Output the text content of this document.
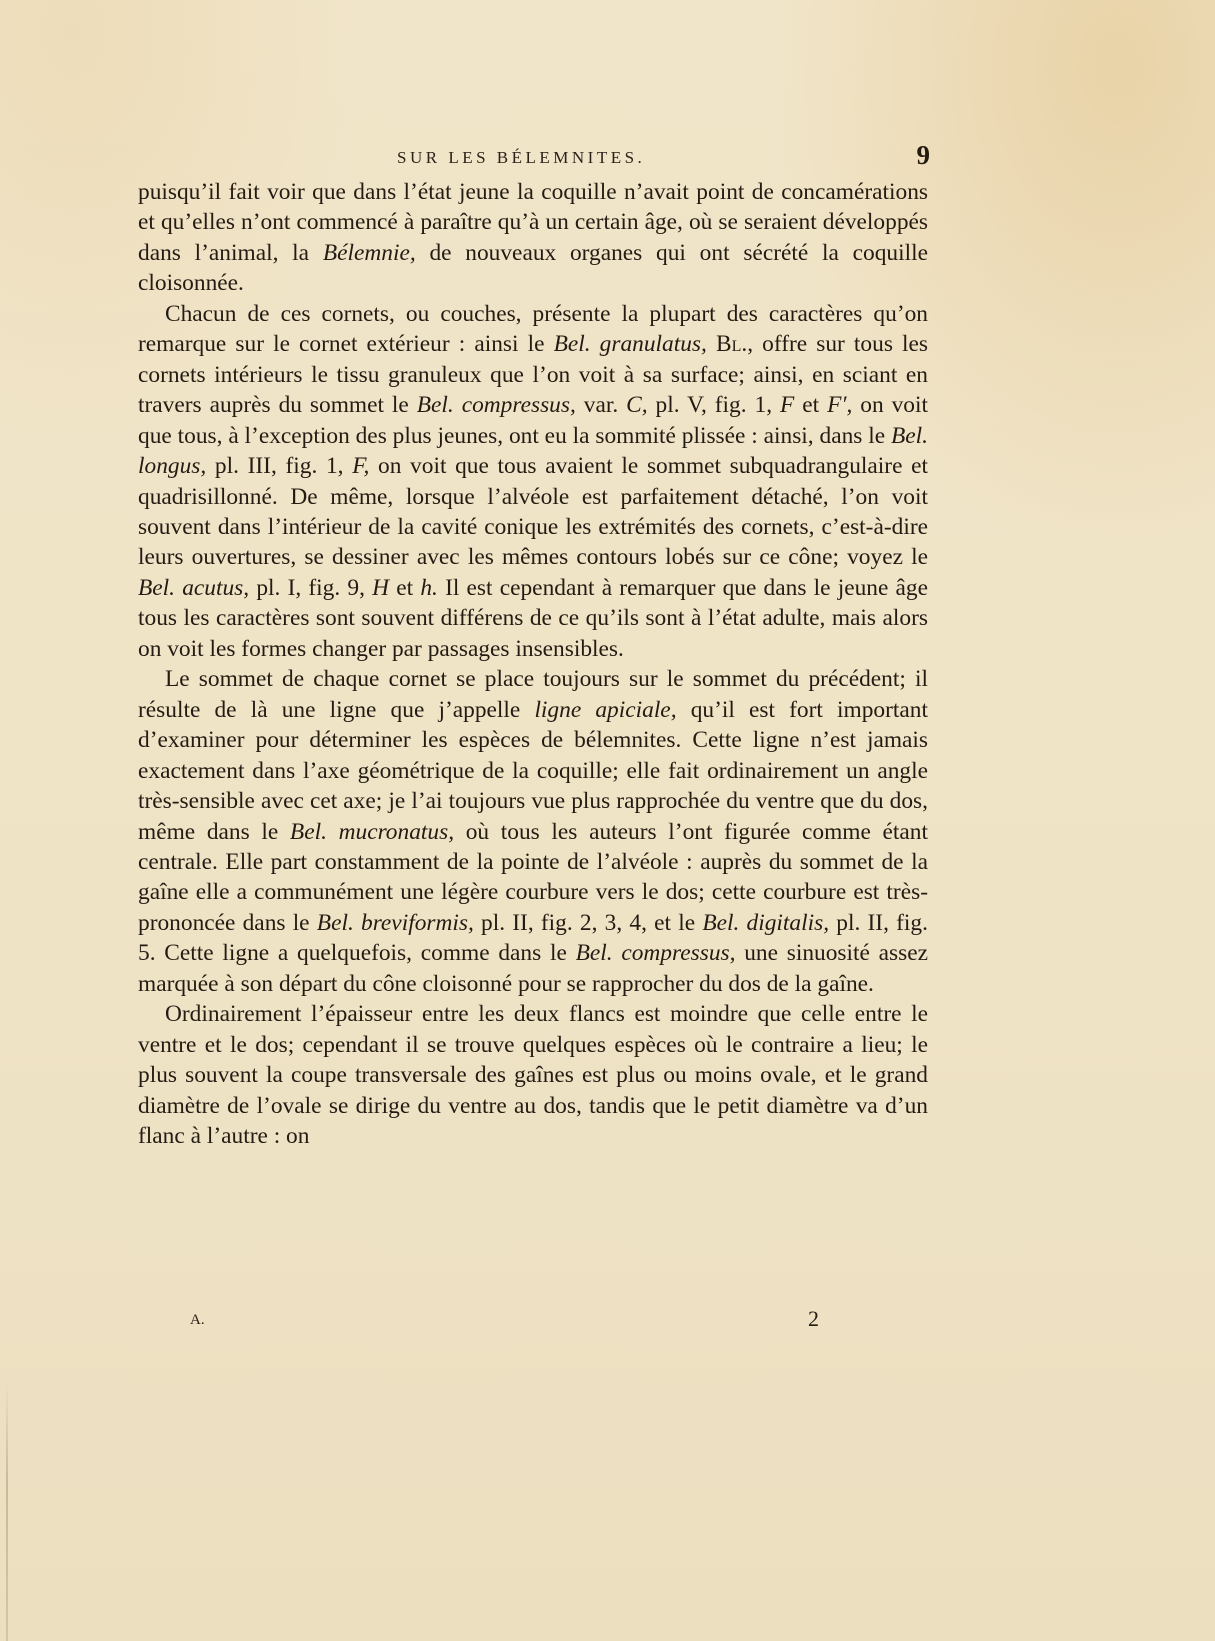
SUR LES BÉLEMNITES.	9

puisqu’il fait voir que dans l’état jeune la coquille n’avait point de concamérations et qu’elles n’ont commencé à paraître qu’à un certain âge, où se seraient développés dans l’animal, la Bélemnie, de nouveaux organes qui ont sécrété la coquille cloisonnée.

Chacun de ces cornets, ou couches, présente la plupart des caractères qu’on remarque sur le cornet extérieur : ainsi le Bel. granulatus, Bl., offre sur tous les cornets intérieurs le tissu granuleux que l’on voit à sa surface; ainsi, en sciant en travers auprès du sommet le Bel. compressus, var. C, pl. V, fig. 1, F et F′, on voit que tous, à l’exception des plus jeunes, ont eu la sommité plissée : ainsi, dans le Bel. longus, pl. III, fig. 1, F, on voit que tous avaient le sommet subquadrangulaire et quadrisillonné. De même, lorsque l’alvéole est parfaitement détaché, l’on voit souvent dans l’intérieur de la cavité conique les extrémités des cornets, c’est-à-dire leurs ouvertures, se dessiner avec les mêmes contours lobés sur ce cône; voyez le Bel. acutus, pl. I, fig. 9, H et h. Il est cependant à remarquer que dans le jeune âge tous les caractères sont souvent différens de ce qu’ils sont à l’état adulte, mais alors on voit les formes changer par passages insensibles.

Le sommet de chaque cornet se place toujours sur le sommet du précédent; il résulte de là une ligne que j’appelle ligne apiciale, qu’il est fort important d’examiner pour déterminer les espèces de bélemnites. Cette ligne n’est jamais exactement dans l’axe géométrique de la coquille; elle fait ordinairement un angle très-sensible avec cet axe; je l’ai toujours vue plus rapprochée du ventre que du dos, même dans le Bel. mucronatus, où tous les auteurs l’ont figurée comme étant centrale. Elle part constamment de la pointe de l’alvéole : auprès du sommet de la gaîne elle a communément une légère courbure vers le dos; cette courbure est très-prononcée dans le Bel. breviformis, pl. II, fig. 2, 3, 4, et le Bel. digitalis, pl. II, fig. 5. Cette ligne a quelquefois, comme dans le Bel. compressus, une sinuosité assez marquée à son départ du cône cloisonné pour se rapprocher du dos de la gaîne.

Ordinairement l’épaisseur entre les deux flancs est moindre que celle entre le ventre et le dos; cependant il se trouve quelques espèces où le contraire a lieu; le plus souvent la coupe transversale des gaînes est plus ou moins ovale, et le grand diamètre de l’ovale se dirige du ventre au dos, tandis que le petit diamètre va d’un flanc à l’autre : on

A.	2
